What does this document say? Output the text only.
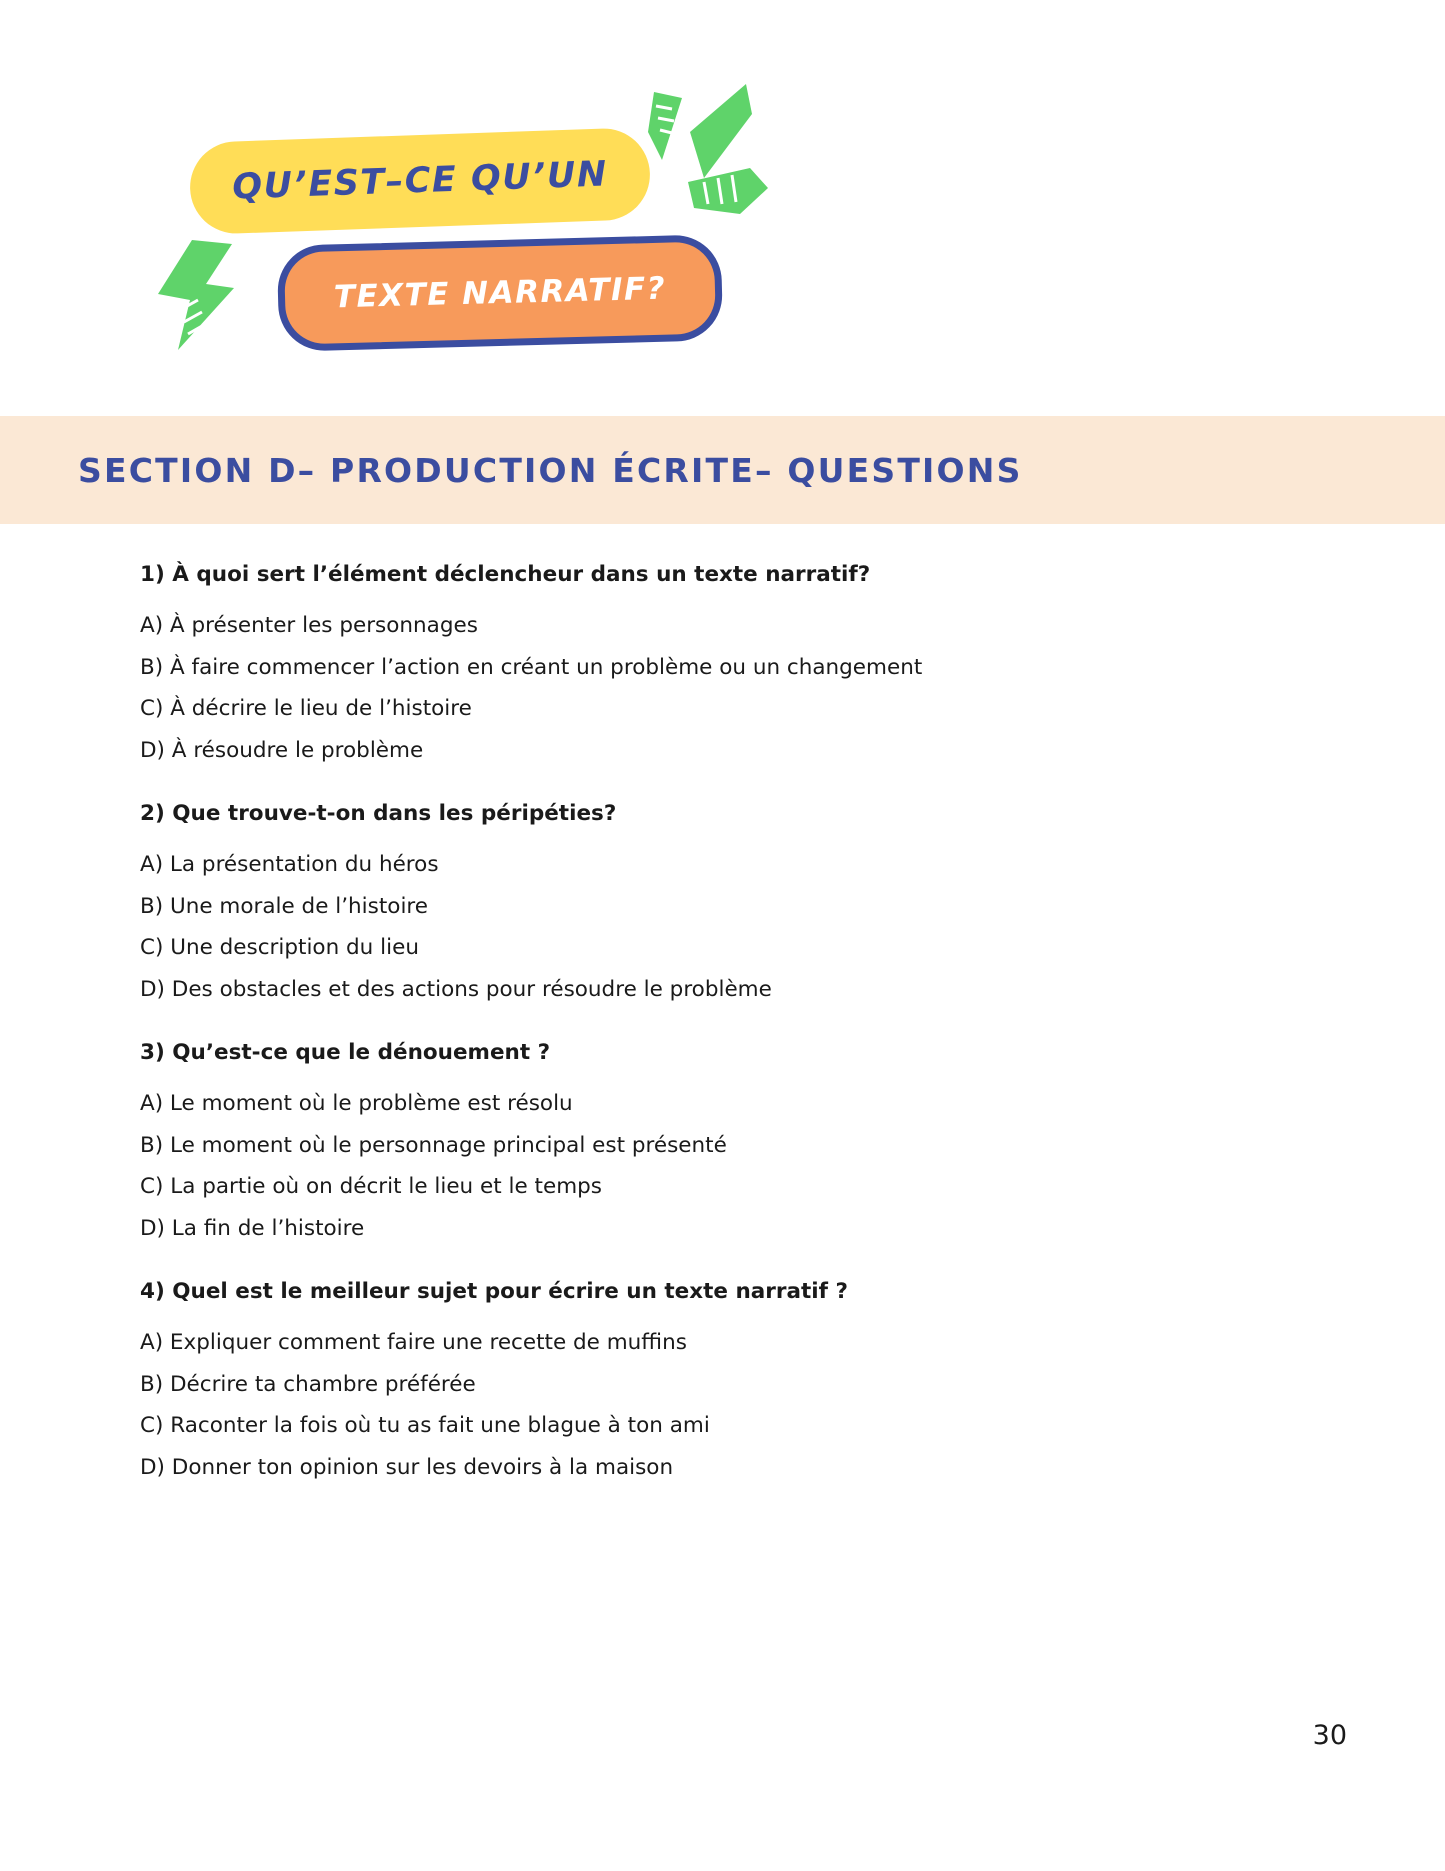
QU’EST–CE QU’UN
TEXTE NARRATIF?
SECTION D– PRODUCTION ÉCRITE– QUESTIONS

1) À quoi sert l’élément déclencheur dans un texte narratif?

A) À présenter les personnages

B) À faire commencer l’action en créant un problème ou un changement

C) À décrire le lieu de l’histoire

D) À résoudre le problème

2) Que trouve-t-on dans les péripéties?

A) La présentation du héros

B) Une morale de l’histoire

C) Une description du lieu

D) Des obstacles et des actions pour résoudre le problème

3) Qu’est-ce que le dénouement ?

A) Le moment où le problème est résolu

B) Le moment où le personnage principal est présenté

C) La partie où on décrit le lieu et le temps

D) La fin de l’histoire

4) Quel est le meilleur sujet pour écrire un texte narratif ?

A) Expliquer comment faire une recette de muffins

B) Décrire ta chambre préférée

C) Raconter la fois où tu as fait une blague à ton ami

D) Donner ton opinion sur les devoirs à la maison

30
